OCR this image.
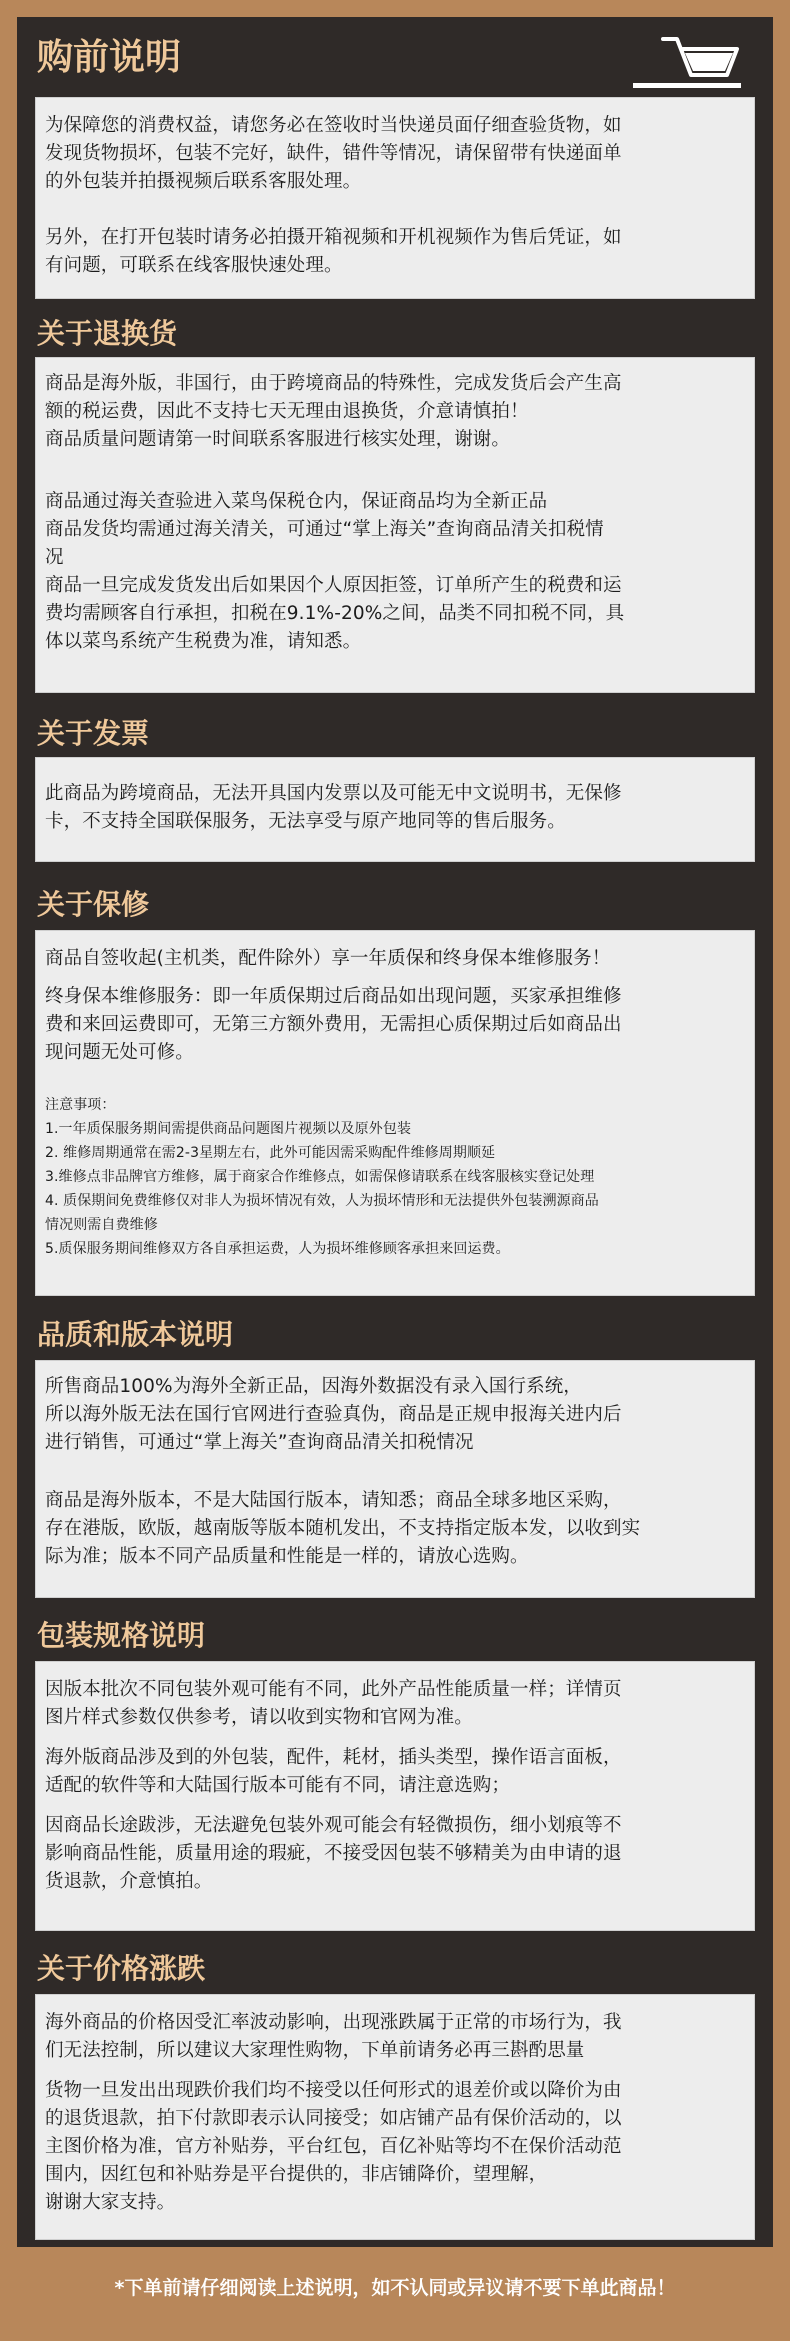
购前说明
为保障您的消费权益，请您务必在签收时当快递员面仔细查验货物，如
发现货物损坏，包装不完好，缺件，错件等情况，请保留带有快递面单
的外包装并拍摄视频后联系客服处理。
另外，在打开包装时请务必拍摄开箱视频和开机视频作为售后凭证，如
有问题，可联系在线客服快速处理。
关于退换货
商品是海外版，非国行，由于跨境商品的特殊性，完成发货后会产生高
额的税运费，因此不支持七天无理由退换货，介意请慎拍！
商品质量问题请第一时间联系客服进行核实处理，谢谢。
商品通过海关查验进入菜鸟保税仓内，保证商品均为全新正品
商品发货均需通过海关清关，可通过“掌上海关”查询商品清关扣税情
况
商品一旦完成发货发出后如果因个人原因拒签，订单所产生的税费和运
费均需顾客自行承担，扣税在9.1%-20%之间，品类不同扣税不同，具
体以菜鸟系统产生税费为准，请知悉。
关于发票
此商品为跨境商品，无法开具国内发票以及可能无中文说明书，无保修
卡，不支持全国联保服务，无法享受与原产地同等的售后服务。
关于保修
商品自签收起(主机类，配件除外）享一年质保和终身保本维修服务！
终身保本维修服务：即一年质保期过后商品如出现问题，买家承担维修
费和来回运费即可，无第三方额外费用，无需担心质保期过后如商品出
现问题无处可修。
注意事项：
1.一年质保服务期间需提供商品问题图片视频以及原外包装
2. 维修周期通常在需2-3星期左右，此外可能因需采购配件维修周期顺延
3.维修点非品牌官方维修，属于商家合作维修点，如需保修请联系在线客服核实登记处理
4. 质保期间免费维修仅对非人为损坏情况有效，人为损坏情形和无法提供外包装溯源商品
情况则需自费维修
5.质保服务期间维修双方各自承担运费，人为损坏维修顾客承担来回运费。
品质和版本说明
所售商品100%为海外全新正品，因海外数据没有录入国行系统，
所以海外版无法在国行官网进行查验真伪，商品是正规申报海关进内后
进行销售，可通过“掌上海关”查询商品清关扣税情况
商品是海外版本，不是大陆国行版本，请知悉；商品全球多地区采购，
存在港版，欧版，越南版等版本随机发出，不支持指定版本发，以收到实
际为准；版本不同产品质量和性能是一样的，请放心选购。
包装规格说明
因版本批次不同包装外观可能有不同，此外产品性能质量一样；详情页
图片样式参数仅供参考，请以收到实物和官网为准。
海外版商品涉及到的外包装，配件，耗材，插头类型，操作语言面板，
适配的软件等和大陆国行版本可能有不同，请注意选购；
因商品长途跋涉，无法避免包装外观可能会有轻微损伤，细小划痕等不
影响商品性能，质量用途的瑕疵，不接受因包装不够精美为由申请的退
货退款，介意慎拍。
关于价格涨跌
海外商品的价格因受汇率波动影响，出现涨跌属于正常的市场行为，我
们无法控制，所以建议大家理性购物，下单前请务必再三斟酌思量
货物一旦发出出现跌价我们均不接受以任何形式的退差价或以降价为由
的退货退款，拍下付款即表示认同接受；如店铺产品有保价活动的，以
主图价格为准，官方补贴券，平台红包，百亿补贴等均不在保价活动范
围内，因红包和补贴券是平台提供的，非店铺降价，望理解，
谢谢大家支持。
*下单前请仔细阅读上述说明，如不认同或异议请不要下单此商品！
